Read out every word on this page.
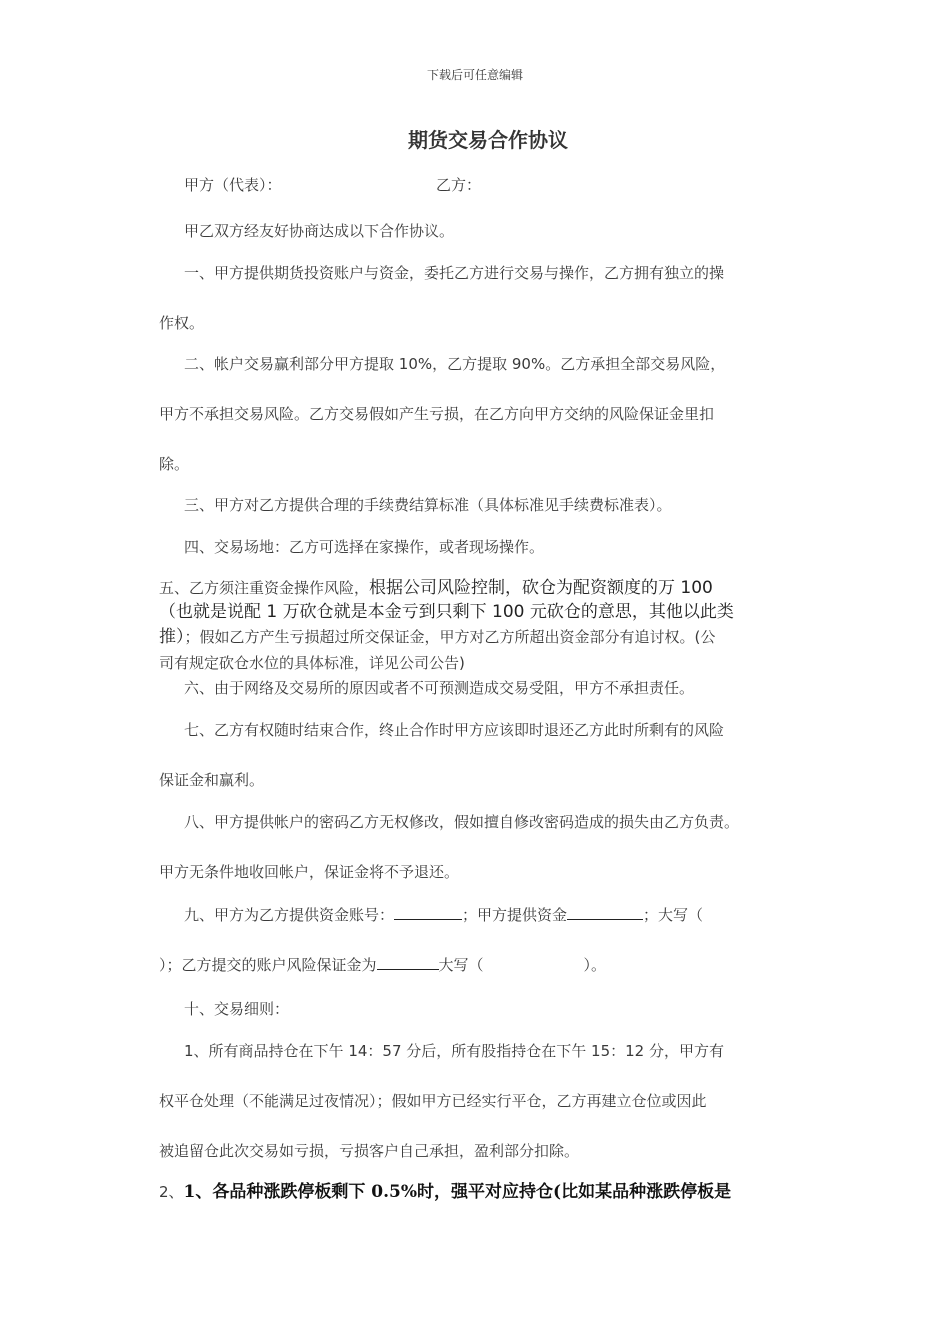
下载后可任意编辑
期货交易合作协议
甲方（代表）：	乙方：
甲乙双方经友好协商达成以下合作协议。
一、甲方提供期货投资账户与资金，委托乙方进行交易与操作，乙方拥有独立的操
作权。
二、帐户交易赢利部分甲方提取 10%，乙方提取 90%。乙方承担全部交易风险，
甲方不承担交易风险。乙方交易假如产生亏损，在乙方向甲方交纳的风险保证金里扣
除。
三、甲方对乙方提供合理的手续费结算标准（具体标准见手续费标准表）。
四、交易场地：乙方可选择在家操作，或者现场操作。
五、乙方须注重资金操作风险，根据公司风险控制，砍仓为配资额度的万 100
（也就是说配 1 万砍仓就是本金亏到只剩下 100 元砍仓的意思，其他以此类
推）；假如乙方产生亏损超过所交保证金，甲方对乙方所超出资金部分有追讨权。(公
司有规定砍仓水位的具体标准，详见公司公告)
六、由于网络及交易所的原因或者不可预测造成交易受阻，甲方不承担责任。
七、乙方有权随时结束合作，终止合作时甲方应该即时退还乙方此时所剩有的风险
保证金和赢利。
八、甲方提供帐户的密码乙方无权修改，假如擅自修改密码造成的损失由乙方负责。
甲方无条件地收回帐户，保证金将不予退还。
九、甲方为乙方提供资金账号：	；甲方提供资金	；大写（
）；乙方提交的账户风险保证金为	大写（	）。
十、交易细则：
1、所有商品持仓在下午 14：57 分后，所有股指持仓在下午 15：12 分，甲方有
权平仓处理（不能满足过夜情况）；假如甲方已经实行平仓，乙方再建立仓位或因此
被追留仓此次交易如亏损，亏损客户自己承担，盈利部分扣除。
2、1、各品种涨跌停板剩下 0.5%时，强平对应持仓(比如某品种涨跌停板是
